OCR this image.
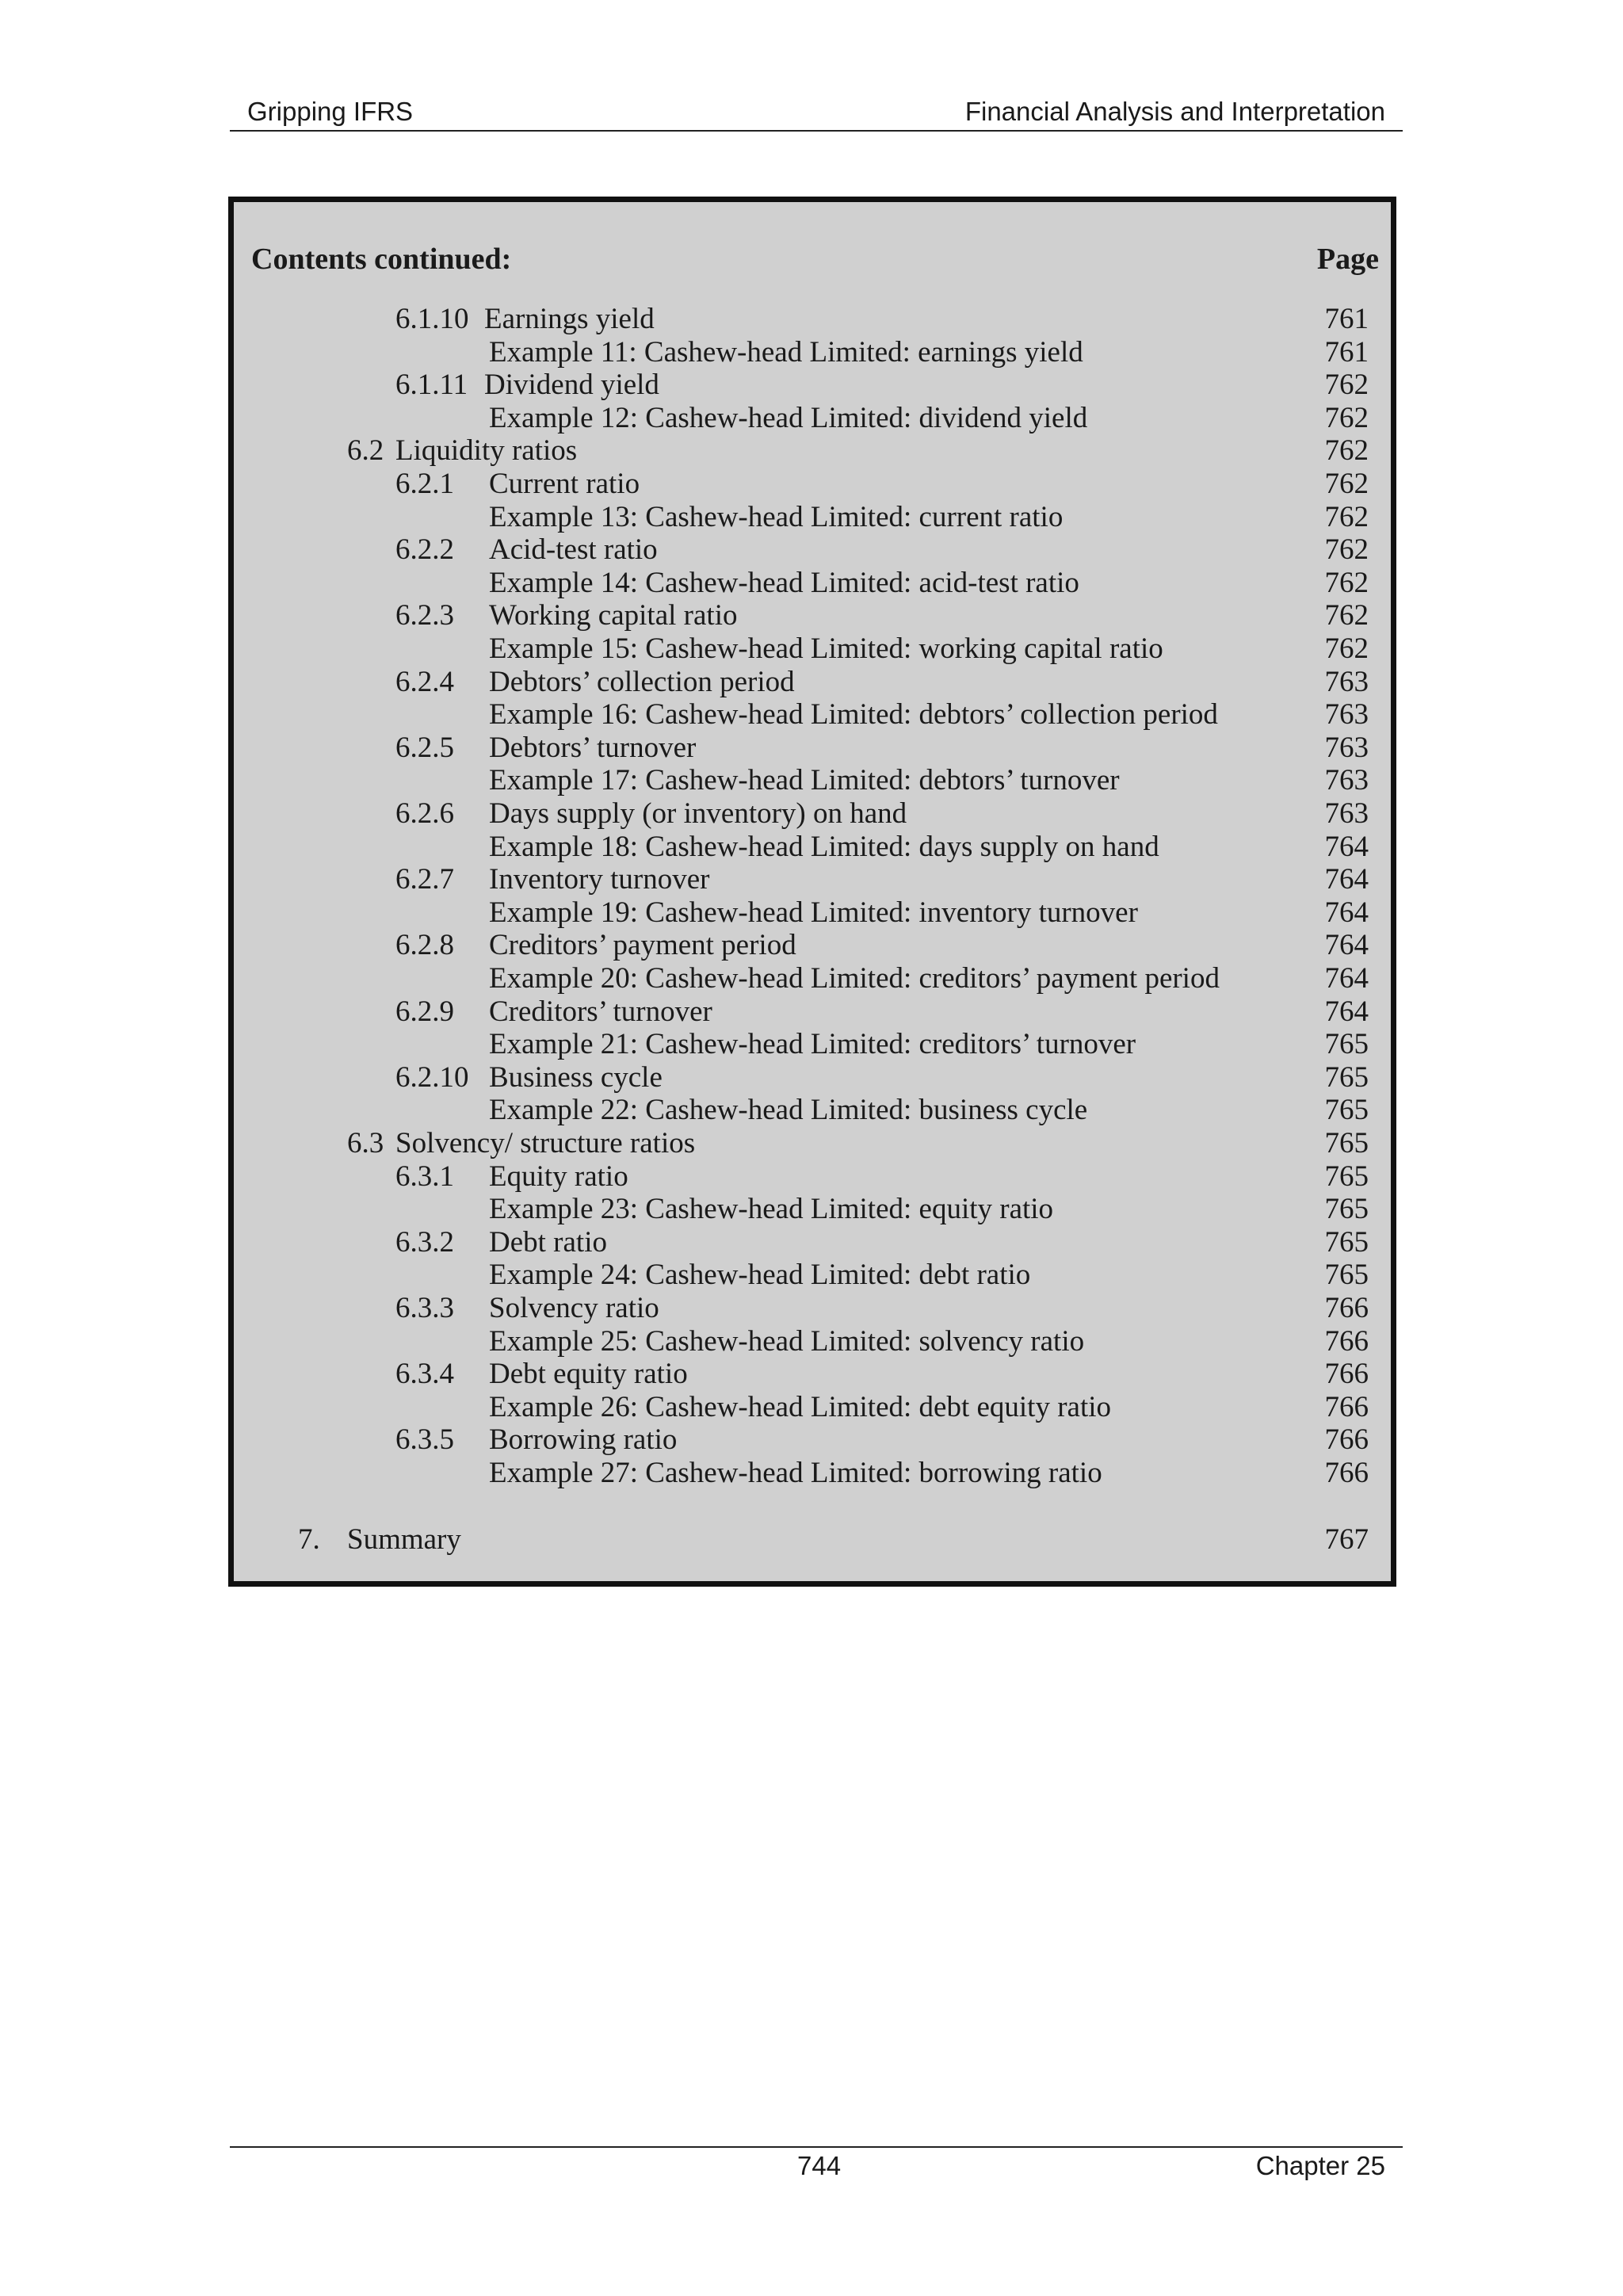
Gripping IFRS	Financial Analysis and Interpretation
Contents continued:	Page
6.1.10 Earnings yield	761
Example 11: Cashew-head Limited: earnings yield	761
6.1.11 Dividend yield	762
Example 12: Cashew-head Limited: dividend yield	762
6.2 Liquidity ratios	762
6.2.1 Current ratio	762
Example 13: Cashew-head Limited: current ratio	762
6.2.2 Acid-test ratio	762
Example 14: Cashew-head Limited: acid-test ratio	762
6.2.3 Working capital ratio	762
Example 15: Cashew-head Limited: working capital ratio	762
6.2.4 Debtors’ collection period	763
Example 16: Cashew-head Limited: debtors’ collection period	763
6.2.5 Debtors’ turnover	763
Example 17: Cashew-head Limited: debtors’ turnover	763
6.2.6 Days supply (or inventory) on hand	763
Example 18: Cashew-head Limited: days supply on hand	764
6.2.7 Inventory turnover	764
Example 19: Cashew-head Limited: inventory turnover	764
6.2.8 Creditors’ payment period	764
Example 20: Cashew-head Limited: creditors’ payment period	764
6.2.9 Creditors’ turnover	764
Example 21: Cashew-head Limited: creditors’ turnover	765
6.2.10 Business cycle	765
Example 22: Cashew-head Limited: business cycle	765
6.3 Solvency/ structure ratios	765
6.3.1 Equity ratio	765
Example 23: Cashew-head Limited: equity ratio	765
6.3.2 Debt ratio	765
Example 24: Cashew-head Limited: debt ratio	765
6.3.3 Solvency ratio	766
Example 25: Cashew-head Limited: solvency ratio	766
6.3.4 Debt equity ratio	766
Example 26: Cashew-head Limited: debt equity ratio	766
6.3.5 Borrowing ratio	766
Example 27: Cashew-head Limited: borrowing ratio	766
7. Summary	767
744	Chapter 25
